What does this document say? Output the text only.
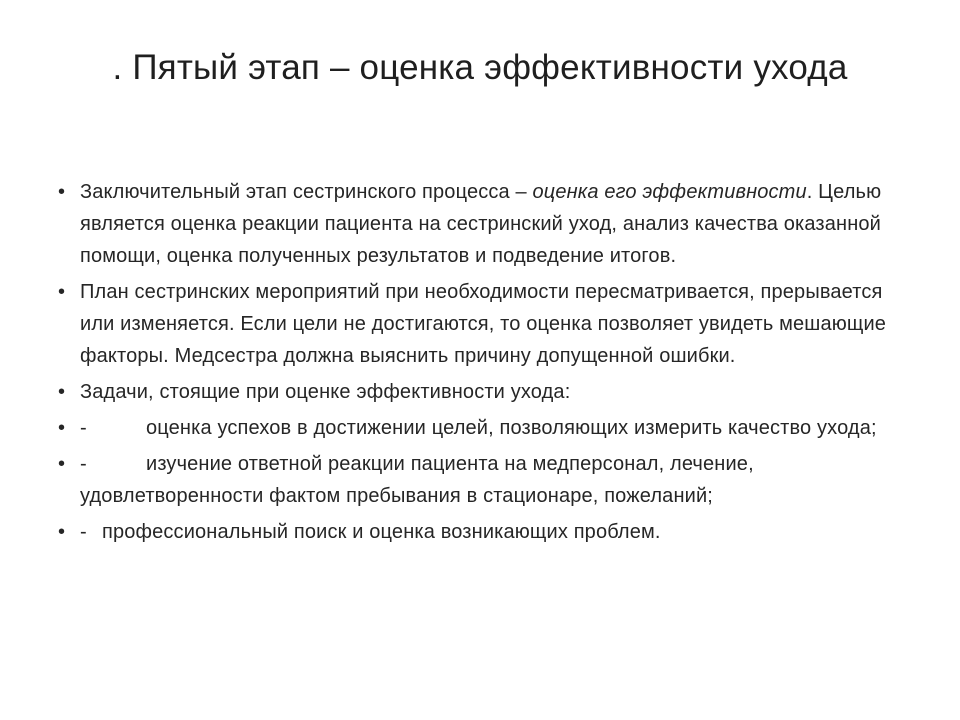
. Пятый этап – оценка эффективности ухода
• Заключительный этап сестринского процесса – оценка его эффективности. Целью является оценка реакции пациента на сестринский уход, анализ качества оказанной помощи, оценка полученных результатов и подведение итогов.
• План сестринских мероприятий при необходимости пересматривается, прерывается или изменяется. Если цели не достигаются, то оценка позволяет увидеть мешающие факторы. Медсестра должна выяснить причину допущенной ошибки.
• Задачи, стоящие при оценке эффективности ухода:
• -	оценка успехов в достижении целей, позволяющих измерить качество ухода;
• -	изучение ответной реакции пациента на медперсонал, лечение, удовлетворенности фактом пребывания в стационаре, пожеланий;
• - профессиональный поиск и оценка возникающих проблем.
